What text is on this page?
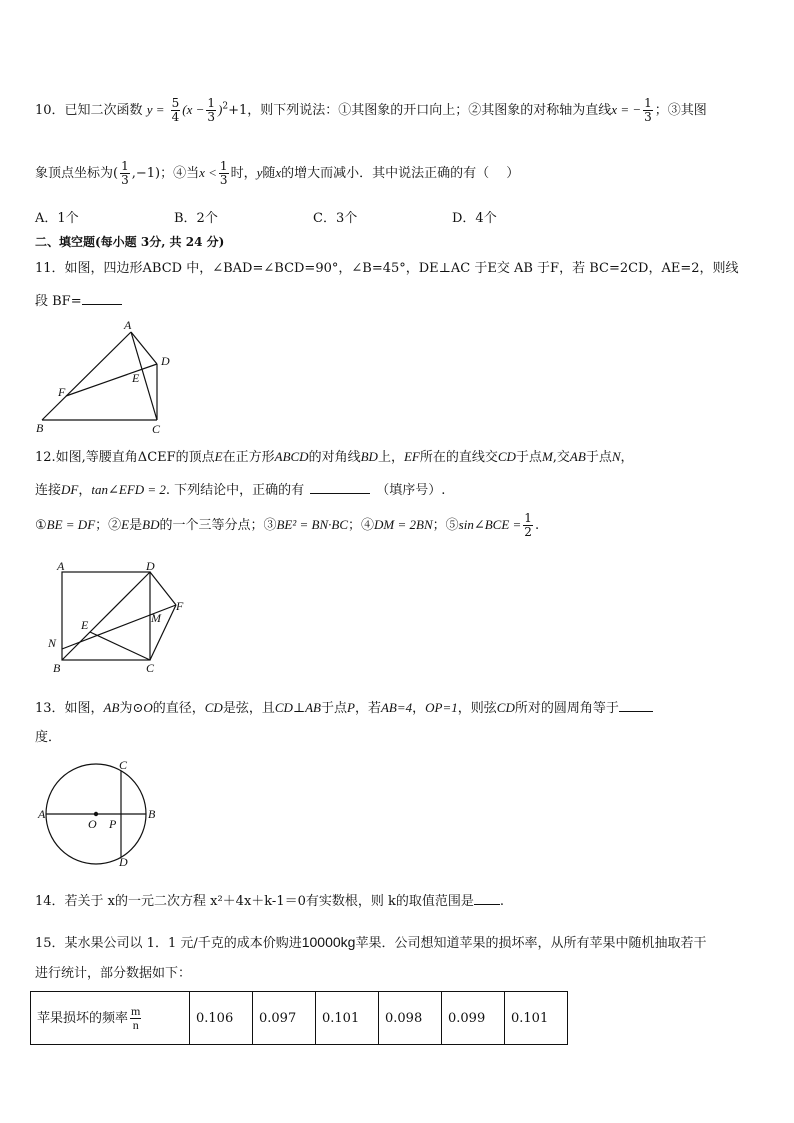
10．已知二次函数 $y = \frac{5}{4} (x - \frac{1}{3} )^2+1$，则下列说法：①其图象的开口向上；②其图象的对称轴为直线x = − $\frac{1}{3}$ ；③其图
象顶点坐标为( $\frac{1}{3} ,-1$)；④当$x < \frac{1}{3}$ 时，y随x的增大而减小．其中说法正确的有（　 ）
A．1个	B．2个	C．3个	D．4个
二、填空题(每小题 3分, 共 24 分)
11．如图，四边形ABCD 中，∠BAD=∠BCD=90°，∠B=45°，DE⊥AC 于E交 AB 于F，若 BC=2CD，AE=2，则线
段 BF=
A
D
E
F
B	C
A	D
F
M
E
N
B	C
A	B
C
D
O P
12.如图,等腰直角ΔCEF的顶点E在正方形ABCD的对角线BD上，EF所在的直线交CD于点M,交AB于点N，
连接DF，tan∠EFD = 2. 下列结论中，正确的有	（填序号）.
①BE = DF；②E是BD的一个三等分点；③BE² = BN·BC；④DM = 2BN；⑤sin∠BCE = $\frac{1}{2}$ .
13．如图，AB为⊙O的直径，CD是弦，且CD⊥AB于点P，若AB=4，OP=1，则弦CD所对的圆周角等于
度．
14．若关于 x的一元二次方程 x²＋4x＋k-1＝0有实数根，则 k的取值范围是 .
15．某水果公司以 1．1 元/千克的成本价购进10000kg苹果．公司想知道苹果的损坏率，从所有苹果中随机抽取若干
进行统计，部分数据如下：
苹果损坏的频率 $\frac{m}{n}$	0.106	0.097	0.101	0.098	0.099	0.101
